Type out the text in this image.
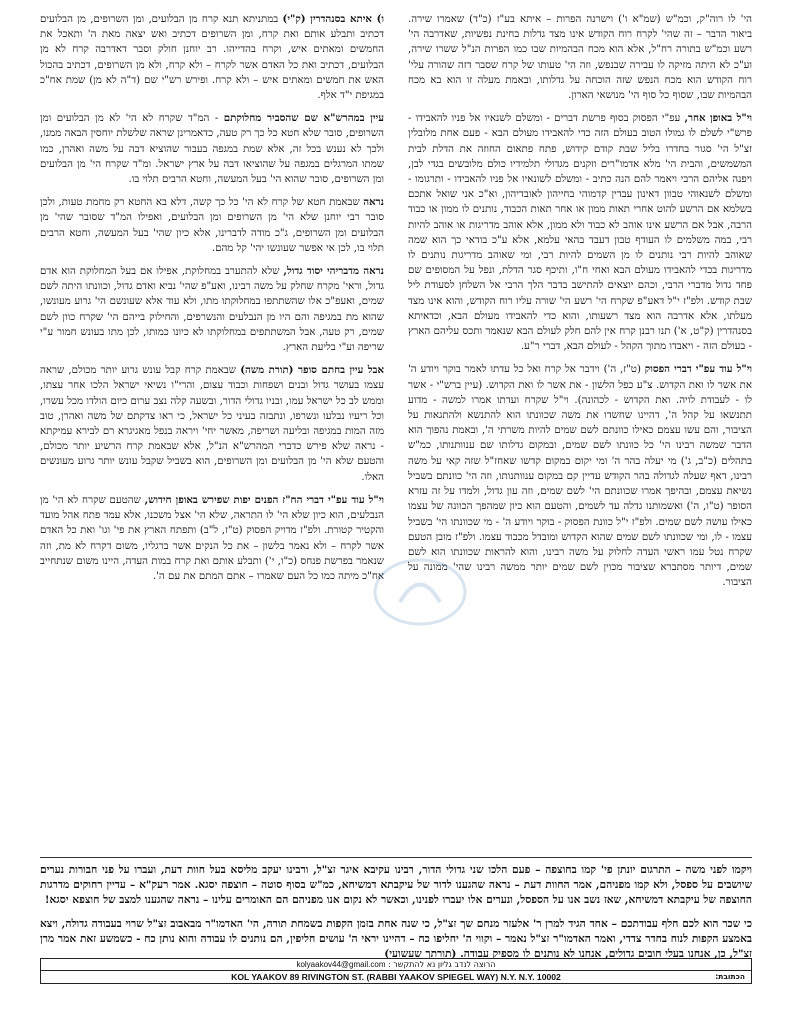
הי' לו רוה"ק, וכמ"ש (שמ"א ו') וישרנה הפרות – איתא בע"ז (כ"ד) שאמרו שירה. ביאור הדבר – זה שהי' לקרח רוח הקודש אינו מצד גדלות בחינת נפשיות, שאדרבה הי' רשע וכמ"ש בתורה רח"ל, אלא הוא מכח הבהמיות שבו כמו הפרות הנ"ל ששרו שירה, וע"כ לא היתה מזיקה לו עבירה שבנפש, וזה הי' טעותו של קרח שסבר דזה שהורה עלי' רוח הקודש הוא מכח הנפש שזה הוכחה על גדלותו, ובאמת מעלה זו הוא בא מכח הבהמיות שבו, שסוף כל סוף הי' מנושאי הארון.

וי"ל באופן אחר, עפ"י הפסוק בסוף פרשת דברים - ומשלם לשנאיו אל פניו להאבידו - פרש"י לשלם לו גמולו הטוב בעולם הזה כדי להאבידו מעולם הבא - פעם אחת מלובלין זצ"ל הי' סגור בחדרו בליל שבת קודם קידוש, פתח פתאום החוזה את הדלת לבית המשמשים, והבית הי' מלא אדמו"רים וזקנים מגדולי תלמידיו כולם מלובשים בגדי לבן, ויפנה אליהם הרבי ויאמר להם הנה כתיב - ומשלם לשונאיו אל פניו להאבידו - ותרגומו - ומשלם לשנאוהי טבוון דאינון עבדין קדמוהי בחייהון לאובדיהון, וא"כ אני שואל אתכם בשלמא אם הרשע להוט אחרי תאות ממון או אחר תאות הכבוד, נותנים לו ממון או כבוד הרבה, אבל אם הרשע אינו אוהב לא כבוד ולא ממון, אלא אוהב מדריגות או אוהב להיות רבי, במה משלמים לו העודף טבון דעבד בהאי עלמא, אלא ע"כ בודאי כך הוא שמה שאוהב להיות רבי נותנים לו מן השמים להיות רבי, ומי שאוהב מדריגות נותנים לו מדריגות בכדי להאבידו מעולם הבא ואחי ח"ו, ותיכף סגר הדלת, ונפל על המסופים שם פחד גדול מדברי הרבי, וכהם יוצאים להתישב בדבר הלך הרבי אל השלחן לסעודת ליל שבת קודש. ולפ"ז י"ל דאע"פ שקרח הי' רשע הי' שורה עליו רוח הקודש, והוא אינו מצד מעלתו, אלא אדרבה הוא מצד רשעותו, והוא כדי להאבידו מעולם הבא, וכדאיתא בסנהדרין (ק"ט, א') תנו רבנן קרח אין להם חלק לעולם הבא שנאמר ותכס עליהם הארץ - בעולם הזה - ויאבדו מתוך הקהל - לעולם הבא, דברי ר"ע.

וי"ל עוד עפ"י דברי הפסוק (ט"ז, ה') וידבר אל קרח ואל כל עדתו לאמר בוקר ויודע ה' את אשר לו ואת הקדוש. צ"ע כפל הלשון - את אשר לו ואת הקדוש. (עיין ברש"י - אשר לו - לעבודת לויה. ואת הקדוש - לכהונה). וי"ל שקרח ועדתו אמרו למשה - מדוע תתנשאו על קהל ה', דהיינו שחשדו את משה שכוונתו הוא להתנשא ולהתגאות על הציבור, והם עשו עצמם כאילו כוונתם לשם שמים להיות משרתי ה', ובאמת נהפוך הוא הדבר שמשה רבינו הי' כל כוונתו לשם שמים, ובמקום גדלותו שם ענוותנותו, כמ"ש בתהלים (כ"ב, ג') מי יעלה בהר ה' ומי יקום במקום קדשו שאחז"ל שזה קאי על משה רבינו, דאף שעלה לגדולה בהר הקודש עדיין קם במקום ענוותנותו, וזה הי' כוונתם בשביל נשיאת עצמם, ובהיפך אמרו שכוונתם הי' לשם שמים, וזה עון גדול, ולמדו על זה עזרא הסופר (ט"ו, ה') ואשמותנו גדלה עד לשמים, והטעם הוא כיון שמהפך הכוונה של עצמו כאילו עושה לשם שמים. ולפ"ז י"ל כוונת הפסוק - בוקר ויודע ה' - מי שכוונתו הי' בשביל עצמו - לו, ומי שכוונתו לשם שמים שהוא הקדוש ומובדל מכבוד עצמו. ולפ"ז מובן הטעם שקרח נטל עמו ראשי העדה לחלוק על משה רבינו, והוא להראות שכוונתו הוא לשם שמים, דיותר מסתברא שציבור מכוין לשם שמים יותר ממשה רבינו שהי' ממונה על הציבור.

ו) איתא בסנהדרין (ק"י) במתניתא תנא קרח מן הבלועים, ומן השרופים, מן הבלועים דכתיב ותבלע אותם ואת קרח, ומן השרופים דכתיב ואש יצאה מאת ה' ותאכל את החמשים ומאתים איש, וקרח בהדייהו. רב יוחנן חולק וסבר דאדרבה קרח לא מן הבלועים, דכתיב ואת כל האדם אשר לקרח – ולא קרח, ולא מן השרופים, דכתיב בהכול האש את חמשים ומאתים איש – ולא קרח. ופירש רש"י שם (ד"ה לא מן) שמת אח"כ במגיפת י"ד אלף.

עיין במהרש"א שם שהסביר מחלוקתם - המ"ד שקרח לא הי' לא מן הבלועים ומן השרופים, סובר שלא חטא כל כך רק טעה, כדאמרינן שראה שלשלת יוחסין הבאה ממנו, ולכך לא נענש בכל זה, אלא שמת במגפה בעבור שהוציא דבה על משה ואהרן, כמו שמתו המרגלים במגפה על שהוציאו דבה על ארץ ישראל. ומ"ד שקרח הי' מן הבלועים ומן השרופים, סובר שהוא הי' בעל המעשה, וחטא הרבים תלוי בו.

נראה שבאמת חטא של קרח לא הי' כל כך קשה, דלא בא החטא רק מחמת טעות, ולכן סובר רבי יוחנן שלא הי' מן השרופים ומן הבלועים, ואפילו המ"ד שסובר שהי' מן הבלועים ומן השרופים, ג"כ מודה לדברינו, אלא כיון שהי' בעל המעשה, וחטא הרבים תלוי בו, לכן אי אפשר שעונשו יהי' קל מהם.

נראה מדבריהי יסוד גדול, שלא להתערב במחלוקת, אפילו אם בעל המחלוקת הוא אדם גדול, וראי' מקרח שחלק על משה רבינו, ואע"פ שהי' נביא ואדם גדול, וכוונתו היתה לשם שמים, ואעפ"כ אלו שהשתתפו במחלוקתו מתו, ולא עוד אלא שעונשם הי' גרוע מעונשו, שהוא מת במגיפה והם היו מן הנבלעים והנשרפים, והחילוק בייהם הי' שקרח כוון לשם שמים, רק טעה, אבל המשתתפים במחלוקתו לא כיונו כמותו, לכן מתו בעונש חמור ע"י שריפה וע"י בליעת הארץ.

אבל עיין בחתם סופר (תורת משה) שבאמת קרח קבל עונש גרוע יותר מכולם, שראה עצמו בעושר גדול ובנים ושפחות וכבוד עצום, והרי"ו נשיאי ישראל הלכו אחר עצתו, וממש לב כל ישראל עמו, ובניו גדולי הדור, ובשעה קלה נצב ערום כיום הולדו מכל עשרו, וכל ריעיו נבלעו ונשרפו, ונתבזה בעיני כל ישראל, כי ראו צדקתם של משה ואהרן, טוב מזה המות במגיפה ובליעה ושריפה, מאשר יחי' ויראה בנפל מאגיגרא רם לבירא עמיקתא - נראה שלא פירש כדברי המהרש"א הנ"ל, אלא שבאמת קרח הרשיע יותר מכולם, והטעם שלא הי' מן הבלועים ומן השרופים, הוא בשביל שקבל עונש יותר גרוע מעונשים האלו.

וי"ל עוד עפ"י דברי הח"ז הפנים יפות שפירש באופן חידוש, שהטעם שקרח לא הי' מן הנבלעים, הוא כיון שלא הי' לו התראה, שלא הי' אצל משכנו, אלא עמד פתח אהל מועד והקטיר קטורת. ולפ"ז מדויק הפסוק (ט"ז, ל"ב) ותפתח הארץ את פי' וגו' ואת כל האדם אשר לקרח – ולא נאמר בלשון – את כל הנקים אשר ברגליו, משום דקרח לא מת, וזה שנאמר בפרשת פנחס (כ"ו, י') ותבלע אותם ואת קרח במות העדה, היינו משום שנתחייב אח"כ מיתה כמו כל העם שאמרו – אתם המתם את עם ה'.

ויקמו לפני משה – התרגום יונתן פי' קמו בחוצפה – פעם הלכו שני גדולי הדור, רבינו עקיבא איגר זצ"ל, ורבינו יעקב מליסא בעל חוות דעת, ועברו על פני חבורות נערים שיושבים על ספסל, ולא קמו מפניהם, אמר החוות דעת – נראה שהגענו לדור של עיקבתא דמשיחא, כמ"ש בסוף סוטה – חוצפה יסגא. אמר רעק"א – עדיין רחוקים מדרגות החוצפה של עיקבתא דמשיחא, שאז נשב אנו על הספסל, ונערים אלו יעברו לפנינו, וכאשר לא נקום אנו מפניהם הם האומרים עלינו – נראה שהגענו למצב של חוצפא יסגא!

כי שכר הוא לכם חלף עבודתכם – אחד הגיד למרן ר' אלעזר מנחם שך זצ"ל, כי שנה אחת בזמן הקפות בשמחת תורה, הי' האדמו"ר מבאבוב זצ"ל שרוי בעבודה גדולה, ויצא באמצע הקפות לנוח בחדר צדדי, ואמר האדמו"ר זצ"ל נאמר – וקווי ה' יחליפו כח – דהיינו יראי ה' עושים חליפין, הם נותנים לו עבודה והוא נותן כח - כשמשע זאת אמר מרן זצ"ל, כן, אנחנו בעלי חובים גדולים, אנחנו לא נותנים לו מספיק עבודה. (תורתך שעשועי)

הרוצה לנדב גליון נא להתקשר : kolyaakov44@gmail.com
KOL YAAKOV 89 RIVINGTON ST. (RABBI YAAKOV SPIEGEL WAY) N.Y. N.Y. 10002	הכתובת:
